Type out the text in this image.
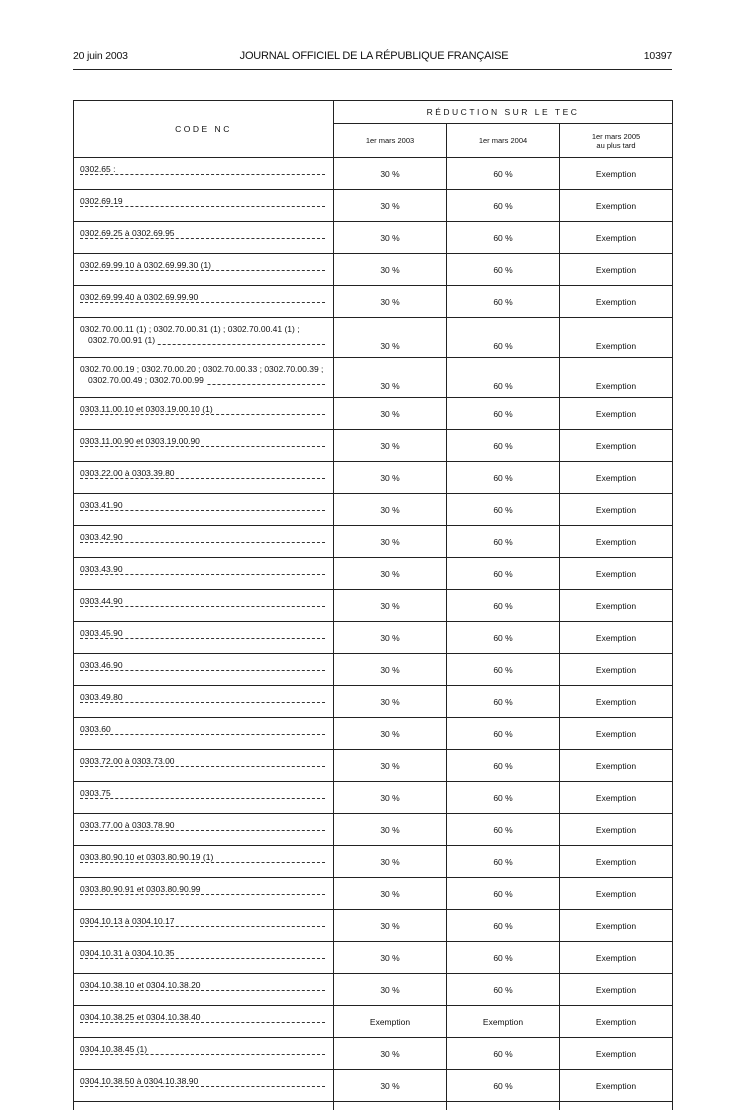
20 juin 2003	JOURNAL OFFICIEL DE LA RÉPUBLIQUE FRANÇAISE	10397
CODE NC	RÉDUCTION SUR LE TEC		
	1er mars 2003	1er mars 2004	1er mars 2005
au plus tard

0302.65 :	30 %	60 %	Exemption

0302.69.19	30 %	60 %	Exemption

0302.69.25 à 0302.69.95	30 %	60 %	Exemption

0302.69.99.10 à 0302.69.99.30 (1)	30 %	60 %	Exemption

0302.69.99.40 à 0302.69.99.90	30 %	60 %	Exemption

0302.70.00.11 (1) ; 0302.70.00.31 (1) ; 0302.70.00.41 (1) ;
0302.70.00.91 (1)	30 %	60 %	Exemption

0302.70.00.19 ; 0302.70.00.20 ; 0302.70.00.33 ; 0302.70.00.39 ;
0302.70.00.49 ; 0302.70.00.99	30 %	60 %	Exemption

0303.11.00.10 et 0303.19.00.10 (1)	30 %	60 %	Exemption

0303.11.00.90 et 0303.19.00.90	30 %	60 %	Exemption

0303.22.00 à 0303.39.80	30 %	60 %	Exemption

0303.41.90	30 %	60 %	Exemption

0303.42.90	30 %	60 %	Exemption

0303.43.90	30 %	60 %	Exemption

0303.44.90	30 %	60 %	Exemption

0303.45.90	30 %	60 %	Exemption

0303.46.90	30 %	60 %	Exemption

0303.49.80	30 %	60 %	Exemption

0303.60	30 %	60 %	Exemption

0303.72.00 à 0303.73.00	30 %	60 %	Exemption

0303.75	30 %	60 %	Exemption

0303.77.00 à 0303.78.90	30 %	60 %	Exemption

0303.80.90.10 et 0303.80.90.19 (1)	30 %	60 %	Exemption

0303.80.90.91 et 0303.80.90.99	30 %	60 %	Exemption

0304.10.13 à 0304.10.17	30 %	60 %	Exemption

0304.10.31 à 0304.10.35	30 %	60 %	Exemption

0304.10.38.10 et 0304.10.38.20	30 %	60 %	Exemption

0304.10.38.25 et 0304.10.38.40	Exemption	Exemption	Exemption

0304.10.38.45 (1)	30 %	60 %	Exemption

0304.10.38.50 à 0304.10.38.90	30 %	60 %	Exemption
